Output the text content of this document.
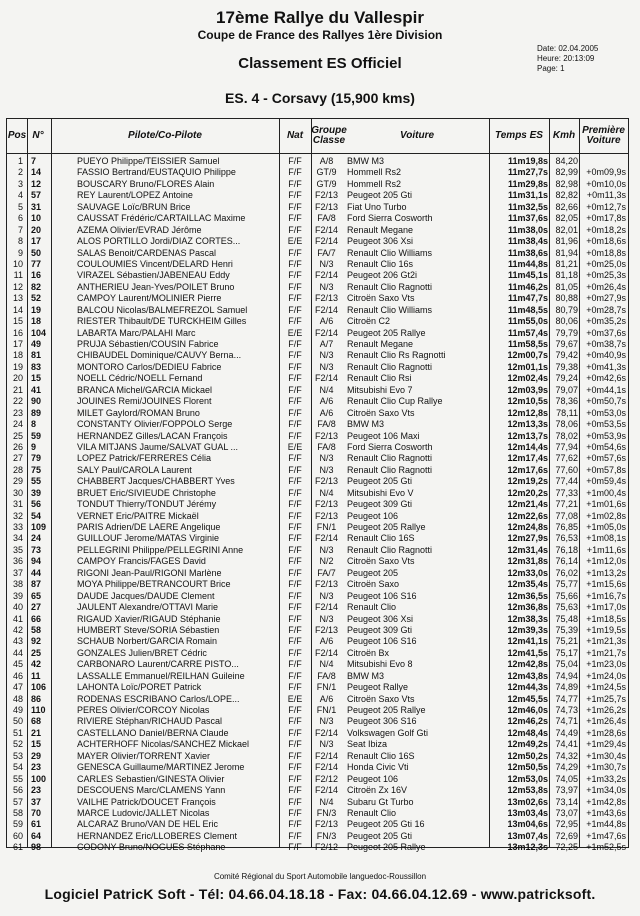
17ème Rallye du Vallespir
Coupe de France des Rallyes 1ère Division
Date: 02.04.2005
Heure: 20:13:09
Page: 1
Classement ES Officiel
ES. 4 - Corsavy (15,900 kms)
Pos N°	Pilote/Co-Pilote	Nat Groupe Classe	Voiture	Temps ES Kmh Première Voiture
1 7	PUEYO Philippe/TEISSIER Samuel	F/F	A/8	BMW M3	11m19,8s 84,20
2 14	FASSIO Bertrand/EUSTAQUIO Philippe	F/F	GT/9	Hommell Rs2	11m27,7s 82,99 +0m09,9s
3 12	BOUSCARY Bruno/FLORES Alain	F/F	GT/9	Hommell Rs2	11m29,8s 82,98 +0m10,0s
4 57	REY Laurent/LOPEZ Antoine	F/F	F2/13	Peugeot 205 Gti	11m31,1s 82,82 +0m11,3s
5 31	SAUVAGE Loïc/BRUN Brice	F/F	F2/13	Fiat Uno Turbo	11m32,5s 82,66 +0m12,7s
6 10	CAUSSAT Frédéric/CARTAILLAC Maxime	F/F	FA/8	Ford Sierra Cosworth	11m37,6s 82,05 +0m17,8s
7 20	AZEMA Olivier/EVRAD Jérôme	F/F	F2/14	Renault Megane	11m38,0s 82,01 +0m18,2s
8 17	ALOS PORTILLO Jordi/DIAZ CORTES...	E/E	F2/14	Peugeot 306 Xsi	11m38,4s 81,96 +0m18,6s
9 50	SALAS Benoit/CARDENAS Pascal	F/F	FA/7	Renault Clio Williams	11m38,6s 81,94 +0m18,8s
10 77	COULOUMIES Vincent/DELARD Henri	F/F	N/3	Renault Clio 16s	11m44,8s 81,21 +0m25,0s
11 16	VIRAZEL Sébastien/JABENEAU Eddy	F/F	F2/14	Peugeot 206 Gt2i	11m45,1s 81,18 +0m25,3s
12 82	ANTHERIEU Jean-Yves/POILET Bruno	F/F	N/3	Renault Clio Ragnotti	11m46,2s 81,05 +0m26,4s
13 52	CAMPOY Laurent/MOLINIER Pierre	F/F	F2/13	Citroën Saxo Vts	11m47,7s 80,88 +0m27,9s
14 19	BALCOU Nicolas/BALMEFREZOL Samuel	F/F	F2/14	Renault Clio Williams	11m48,5s 80,79 +0m28,7s
15 18	RIESTER Thibault/DE TURCKHEIM Gilles	F/F	A/6	Citroën C2	11m55,0s 80,06 +0m35,2s
16 104	LABARTA Marc/PALAHI Marc	E/E	F2/14	Peugeot 205 Rallye	11m57,4s 79,79 +0m37,6s
17 49	PRUJA Sébastien/COUSIN Fabrice	F/F	A/7	Renault Megane	11m58,5s 79,67 +0m38,7s
18 81	CHIBAUDEL Dominique/CAUVY Berna...	F/F	N/3	Renault Clio Rs Ragnotti	12m00,7s 79,42 +0m40,9s
19 83	MONTORO Carlos/DEDIEU Fabrice	F/F	N/3	Renault Clio Ragnotti	12m01,1s 79,38 +0m41,3s
20 15	NOELL Cédric/NOELL Fernand	F/F	F2/14	Renault Clio Rsi	12m02,4s 79,24 +0m42,6s
21 41	BRANCA Michel/GARCIA Mickael	F/F	N/4	Mitsubishi Evo 7	12m03,9s 79,07 +0m44,1s
22 90	JOUINES Remi/JOUINES Florent	F/F	A/6	Renault Clio Cup Rallye	12m10,5s 78,36 +0m50,7s
23 89	MILET Gaylord/ROMAN Bruno	F/F	A/6	Citroën Saxo Vts	12m12,8s 78,11 +0m53,0s
24 8	CONSTANTY Olivier/FOPPOLO Serge	F/F	FA/8	BMW M3	12m13,3s 78,06 +0m53,5s
25 59	HERNANDEZ Gilles/LACAN François	F/F	F2/13	Peugeot 106 Maxi	12m13,7s 78,02 +0m53,9s
26 9	VILA MITJANS Jaume/SALVAT GUAL ...	E/E	FA/8	Ford Sierra Cosworth	12m14,4s 77,94 +0m54,6s
27 79	LOPEZ Patrick/FERRERES Célia	F/F	N/3	Renault Clio Ragnotti	12m17,4s 77,62 +0m57,6s
28 75	SALY Paul/CAROLA Laurent	F/F	N/3	Renault Clio Ragnotti	12m17,6s 77,60 +0m57,8s
29 55	CHABBERT Jacques/CHABBERT Yves	F/F	F2/13	Peugeot 205 Gti	12m19,2s 77,44 +0m59,4s
30 39	BRUET Eric/SIVIEUDE Christophe	F/F	N/4	Mitsubishi Evo V	12m20,2s 77,33 +1m00,4s
31 56	TONDUT Thierry/TONDUT Jérémy	F/F	F2/13	Peugeot 309 Gti	12m21,4s 77,21 +1m01,6s
32 54	VERNET Eric/PAITRE Mickaël	F/F	F2/13	Peugeot 106	12m22,6s 77,08 +1m02,8s
33 109	PARIS Adrien/DE LAERE Angelique	F/F	FN/1	Peugeot 205 Rallye	12m24,8s 76,85 +1m05,0s
34 24	GUILLOUF Jerome/MATAS Virginie	F/F	F2/14	Renault Clio 16S	12m27,9s 76,53 +1m08,1s
35 73	PELLEGRINI Philippe/PELLEGRINI Anne	F/F	N/3	Renault Clio Ragnotti	12m31,4s 76,18 +1m11,6s
36 94	CAMPOY Francis/FAGES David	F/F	N/2	Citroën Saxo Vts	12m31,8s 76,14 +1m12,0s
37 44	RIGONI Jean-Paul/RIGONI Marlène	F/F	FA/7	Peugeot 205	12m33,0s 76,02 +1m13,2s
38 87	MOYA Philippe/BETRANCOURT Brice	F/F	F2/13	Citroën Saxo	12m35,4s 75,77 +1m15,6s
39 65	DAUDE Jacques/DAUDE Clement	F/F	N/3	Peugeot 106 S16	12m36,5s 75,66 +1m16,7s
40 27	JAULENT Alexandre/OTTAVI Marie	F/F	F2/14	Renault Clio	12m36,8s 75,63 +1m17,0s
41 66	RIGAUD Xavier/RIGAUD Stéphanie	F/F	N/3	Peugeot 306 Xsi	12m38,3s 75,48 +1m18,5s
42 58	HUMBERT Steve/SORIA Sébastien	F/F	F2/13	Peugeot 309 Gti	12m39,3s 75,39 +1m19,5s
43 92	SCHAUB Norbert/GARCIA Romain	F/F	A/6	Peugeot 106 S16	12m41,1s 75,21 +1m21,3s
44 25	GONZALES Julien/BRET Cédric	F/F	F2/14	Citroën Bx	12m41,5s 75,17 +1m21,7s
45 42	CARBONARO Laurent/CARRE PISTO...	F/F	N/4	Mitsubishi Evo 8	12m42,8s 75,04 +1m23,0s
46 11	LASSALLE Emmanuel/REILHAN Guileine	F/F	FA/8	BMW M3	12m43,8s 74,94 +1m24,0s
47 106	LAHONTA Loïc/PORET Patrick	F/F	FN/1	Peugeot Rallye	12m44,3s 74,89 +1m24,5s
48 86	RODENAS ESCRIBANO Carlos/LOPE...	E/E	A/6	Citroën Saxo Vts	12m45,5s 74,77 +1m25,7s
49 110	PERES Olivier/CORCOY Nicolas	F/F	FN/1	Peugeot 205 Rallye	12m46,0s 74,73 +1m26,2s
50 68	RIVIERE Stéphan/RICHAUD Pascal	F/F	N/3	Peugeot 306 S16	12m46,2s 74,71 +1m26,4s
51 21	CASTELLANO Daniel/BERNA Claude	F/F	F2/14	Volkswagen Golf Gti	12m48,4s 74,49 +1m28,6s
52 15	ACHTERHOFF Nicolas/SANCHEZ Mickael	F/F	N/3	Seat Ibiza	12m49,2s 74,41 +1m29,4s
53 29	MAYER Olivier/TORRENT Xavier	F/F	F2/14	Renault Clio 16S	12m50,2s 74,32 +1m30,4s
54 23	GENESCA Guillaume/MARTINEZ Jerome	F/F	F2/14	Honda Civic Vti	12m50,5s 74,29 +1m30,7s
55 100	CARLES Sebastien/GINESTA Olivier	F/F	F2/12	Peugeot 106	12m53,0s 74,05 +1m33,2s
56 23	DESCOUENS Marc/CLAMENS Yann	F/F	F2/14	Citroën Zx 16V	12m53,8s 73,97 +1m34,0s
57 37	VAILHE Patrick/DOUCET François	F/F	N/4	Subaru Gt Turbo	13m02,6s 73,14 +1m42,8s
58 70	MARCE Ludovic/JALLET Nicolas	F/F	FN/3	Renault Clio	13m03,4s 73,07 +1m43,6s
59 61	ALCARAZ Bruno/VAN DE HEL Eric	F/F	F2/13	Peugeot 205 Gti 16	13m04,6s 72,95 +1m44,8s
60 64	HERNANDEZ Eric/LLOBERES Clement	F/F	FN/3	Peugeot 205 Gti	13m07,4s 72,69 +1m47,6s
61 98	CODONY Bruno/NOGUES Stéphane	F/F	F2/12	Peugeot 205 Rallye	13m12,3s 72,25 +1m52,5s
Comité Régional du Sport Automobile languedoc-Roussillon
Logiciel PatricK Soft - Tél: 04.66.04.18.18 - Fax: 04.66.04.12.69 - www.patricksoft.
